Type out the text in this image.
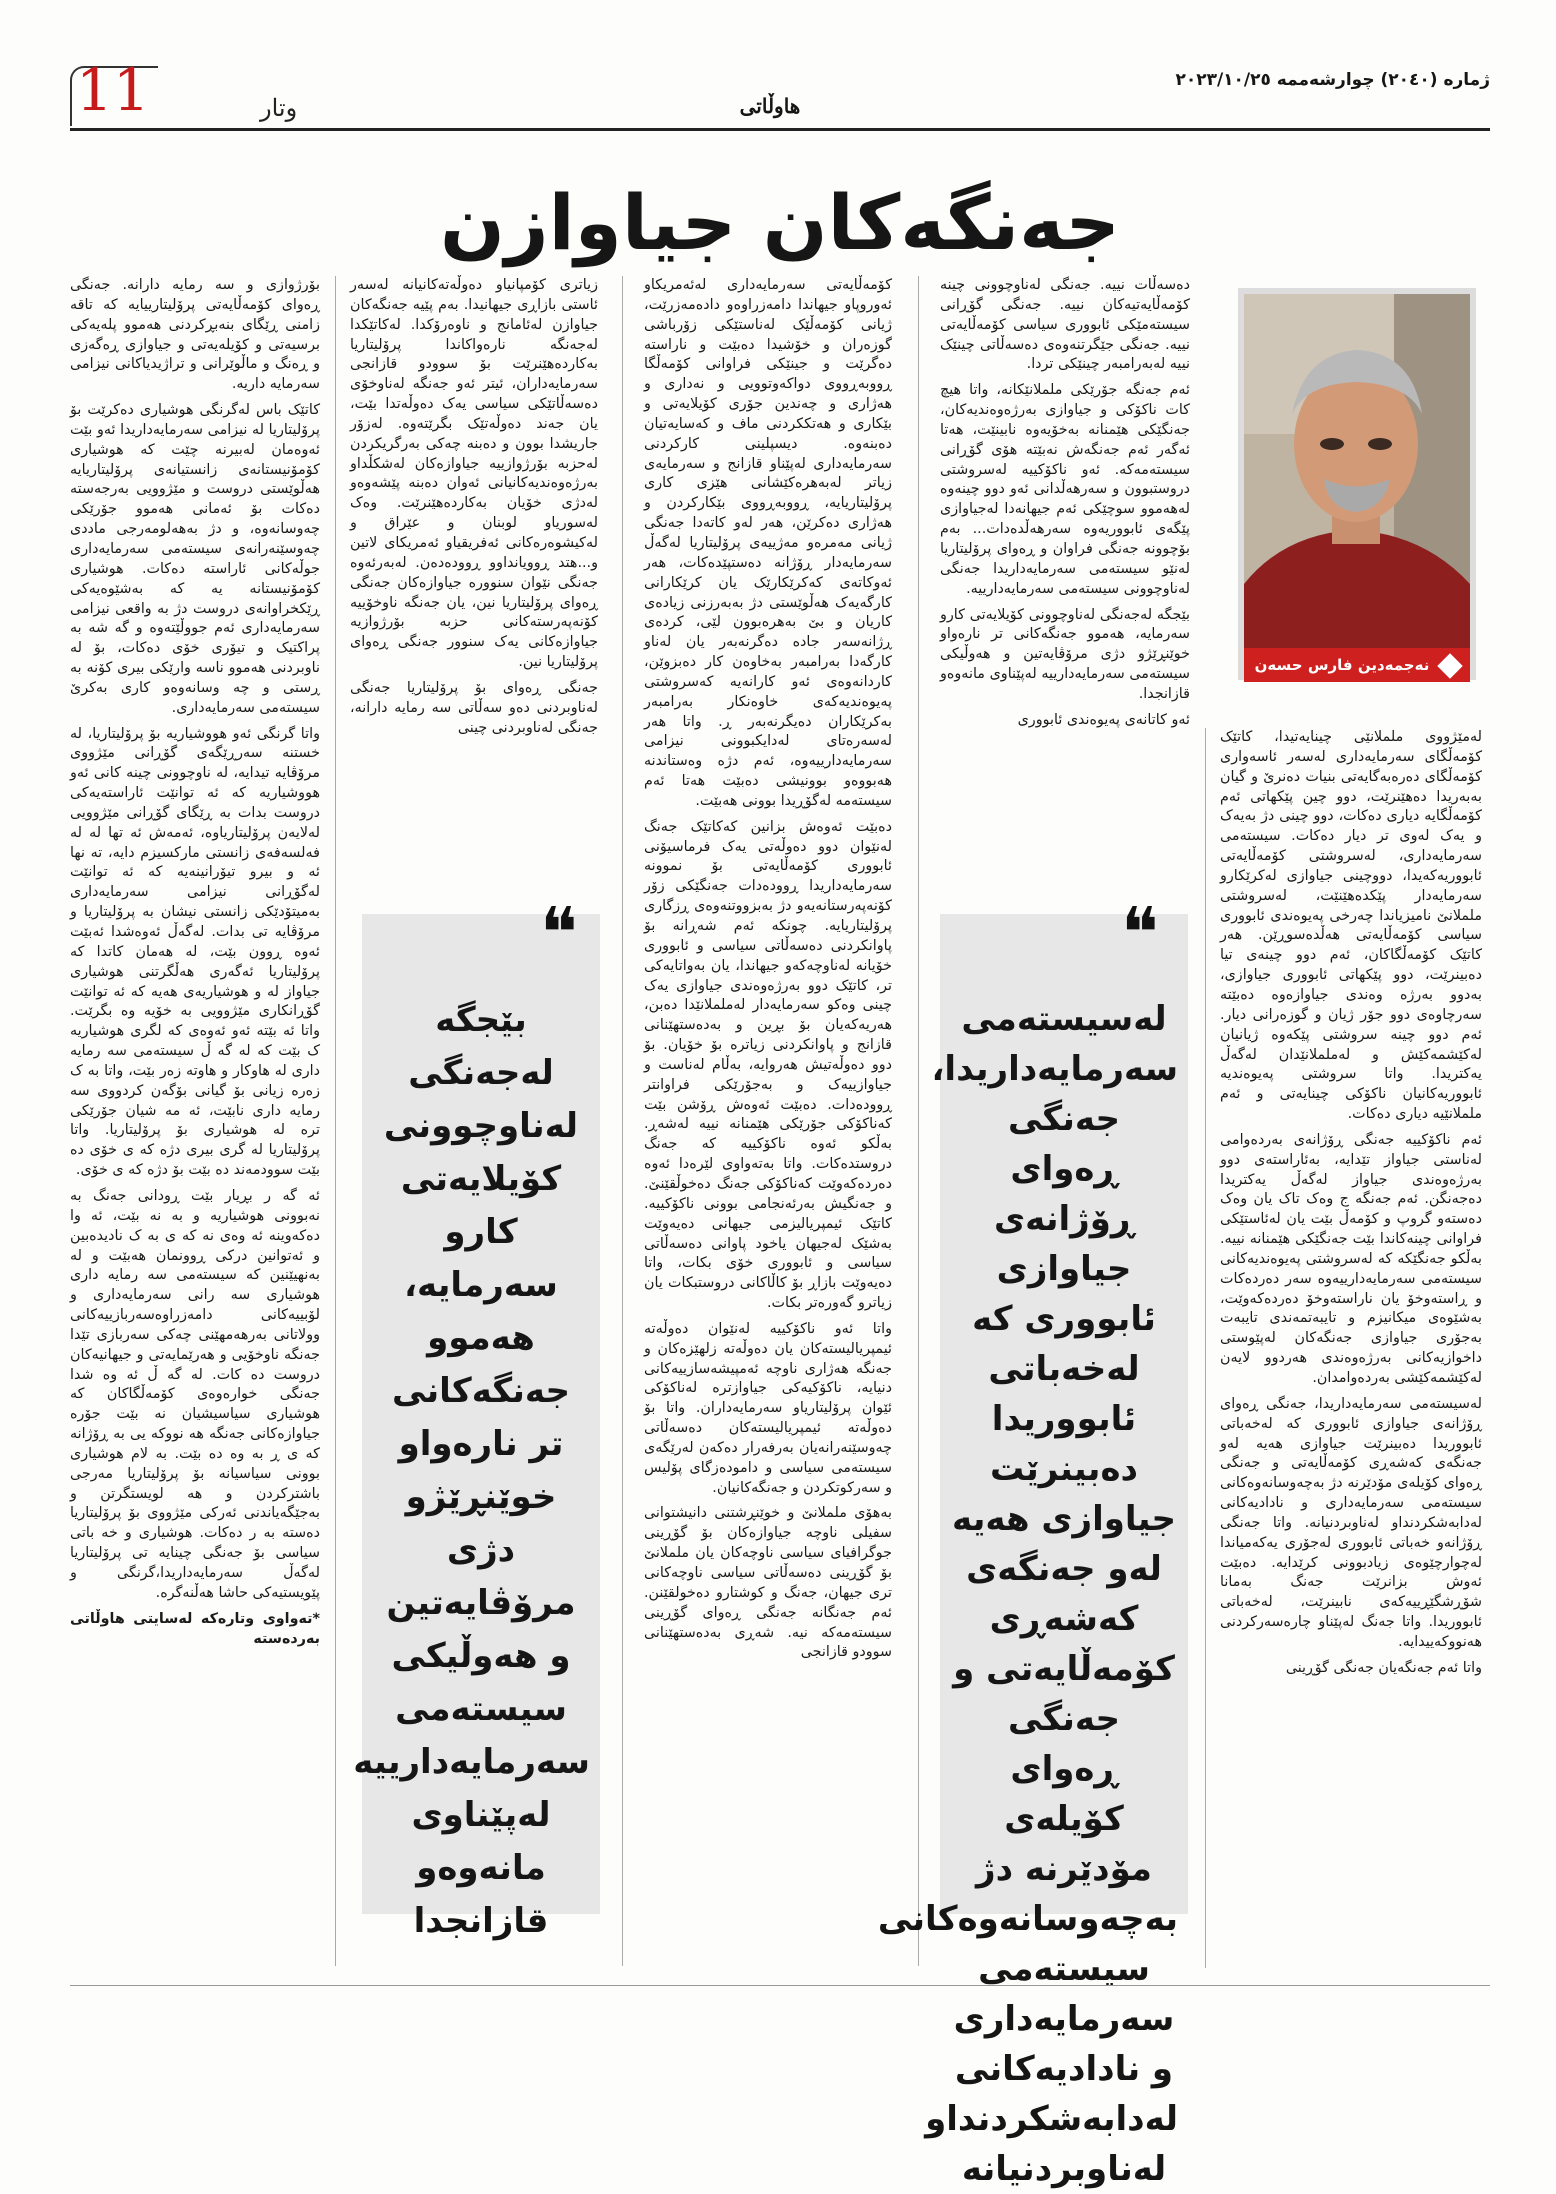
11	وتار	هاوڵاتی
ژماره (٢٠٤٠) چوارشەممە ٢٠٢٣/١٠/٢٥
جەنگەکان جیاوازن
نەجمەدین فارس حسەن

لەمێژووی ململانێی چینایەتیدا، کاتێک کۆمەڵگای سەرمایەداری لەسەر ئاسەواری کۆمەڵگای دەرەبەگایەتی بنیات دەنرێ و گیان بەبەریدا دەهێنرێت، دوو چین پێکهاتی ئەم کۆمەڵگایە دیاری دەکات، دوو چینی دژ بەیەک و یەک لەوی تر دیار دەکات. سیستەمی سەرمایەداری، لەسروشتی کۆمەڵایەتی ئابووریەکەیدا، دووچینی جیاوازی لەکرێکارو سەرمایەدار پێکدەهێنێت، لەسروشتی ململانێ نامیزیاندا چەرخی پەیوەندی ئابووری سیاسی کۆمەڵایەتی هەڵدەسوڕێن. هەر کاتێک کۆمەڵگاکان، ئەم دوو چینەی تیا دەبینرێت، دوو پێکهاتی ئابووری جیاوازی، بەدوو بەرژە وەندی جیاوازەوە دەبێتە سەرچاوەی دوو جۆر ژیان و گوزەرانی دیار. ئەم دوو چینە سروشتی پێکەوە ژیانیان لەکێشمەکێش و لەململانێدان لەگەڵ یەکتریدا. واتا سروشتی پەیوەندیە ئابووریەکانیان ناکۆکی چینایەتی و ئەم ململانێیە دیاری دەکات.

ئەم ناکۆکییە جەنگی ڕۆژانەی بەردەوامی لەناستی جیاواز تێدایە، بەئاراستەی دوو بەرژەوەندی جیاواز لەگەڵ یەکتریدا دەجەنگن. ئەم جەنگە ج وەک تاک یان وەک دەستەو گروپ و کۆمەڵ بێت یان لەئاستێکی فراوانی چینەکاندا بێت جەنگێکی هێمنانە نییە. بەڵکو جەنگێکە کە لەسروشتی پەیوەندیەکانی سیستەمی سەرمایەدارییەوە سەر دەردەکات و ڕاستەوخۆ یان ناراستەوخۆ دەردەکەوێت، بەشێوەی میکانیزم و تایبەتمەندی تایبەت بەجۆری جیاوازی جەنگەکان لەپێوستی داخوازیەکانی بەرژەوەندی هەردوو لایەن لەکێشمەکێشی بەردەوامدان.

لەسیستەمی سەرمایەداریدا، جەنگی ڕەوای ڕۆژانەی جیاوازی ئابووری کە لەخەباتی ئابووریدا دەبینرێت جیاوازی هەیە لەو جەنگەی کەشەڕی کۆمەڵایەتی و جەنگی ڕەوای کۆیلەی مۆدێرنە دژ بەچەوسانەوەکانی سیستەمی سەرمایەداری و نادادیەکانی لەدابەشکردنداو لەناوبردنیانە. واتا جەنگی ڕۆژانەو خەباتی ئابووری لەجۆری یەکەمیاندا لەچوارچێوەی زیادبوونی کرێدایە. دەبێت ئەوش بزانرێت جەنگ بەمانا شۆڕشگێڕییەکەی نابینرێت، لەخەباتی ئابووریدا. واتا جەنگ لەپێناو چارەسەرکردنی هەنووکەییدایە.

واتا ئەم جەنگەیان جەنگی گۆڕینی

دەسەڵات نییە. جەنگی لەناوچوونی چینە کۆمەڵایەتیەکان نییە. جەنگی گۆڕانی سیستەمێکی ئابووری سیاسی کۆمەڵایەتی نییە. جەنگی جێگرتنەوەی دەسەڵاتی چینێک نییە لەبەرامبەر چینێکی تردا.

ئەم جەنگە جۆرێکی ململانێکانە، واتا هیچ کات ناکۆکی و جیاوازی بەرژەوەندیەکان، جەنگێکی هێمنانە بەخۆیەوە نابینێت، هەتا ئەگەر ئەم جەنگەش نەبێتە هۆی گۆڕانی سیستەمەکە. ئەو ناکۆکییە لەسروشتی دروستبوون و سەرهەڵدانی ئەو دوو چینەوە لەهەموو سوچێکی ئەم جیهانەدا لەجیاوازی پێگەی ئابووریەوە سەرهەڵدەدات... بەم بۆچوونە جەنگی فراوان و ڕەوای پرۆلیتاریا لەنێو سیستەمی سەرمایەداریدا جەنگی لەناوچوونی سیستەمی سەرمایەدارییە.

بێجگە لەجەنگی لەناوچوونی کۆیلایەتی کارو سەرمایە، هەموو جەنگەکانی تر نارەواو خوێنڕێژو دژی مرۆڤایەتین و هەوڵیکی سیستەمی سەرمایەدارییە لەپێناوی مانەوەو قازانجدا.

ئەو کاتانەی پەیوەندی ئابووری

کۆمەڵایەتی سەرمایەداری لەئەمریکاو ئەوروپاو جیهاندا دامەزراوەو دادەمەزرێت، ژیانی کۆمەڵێک لەناستێکی زۆرباشی گوزەران و خۆشیدا دەبێت و ناراستە دەگرێت و جینێکی فراوانی کۆمەڵگا ڕووبەڕووی دواکەوتوویی و نەداری و هەژاری و چەندین جۆری کۆیلایەتی و بێکاری و هەتککردنی ماف و کەسایەتیان دەبنەوە. دیسپلینی کارکردنی سەرمایەداری لەپێناو قازانج و سەرمایەی زیاتر لەبەهرەکێشانی هێزی کاری پرۆلیتاریایە، ڕووبەڕووی بێکارکردن و هەژاری دەکرێن، هەر لەو کاتەدا جەنگی ژیانی مەمرەو مەژییەی پرۆلیتاریا لەگەڵ سەرمایەدار ڕۆژانە دەستپێدەکات، هەر ئەوکاتەی کەکرێکارێک یان کرێکارانی کارگەیەک هەڵوێستی دژ بەبەرزنی زیادەی کاریان و بێ بەهرەبوون لێی، کردەی ڕژانەسەر جادە دەگرنەبەر یان لەناو کارگەدا بەرامبەر بەخاوەن کار دەبزوێن، کاردانەوەی ئەو کارانەیە کەسروشتی پەیوەندیەکەی خاوەنکار بەرامبەر بەکرێکاران دەیگرنەبەر ڕ. واتا هەر لەسەرەتای لەدایکبوونی نیزامی سەرمایەدارییەوە، ئەم دژە وەستاندنە هەبووەو بوونیشی دەبێت هەتا ئەم سیستەمە لەگۆڕیدا بوونی هەبێت.

دەبێت ئەوەش بزانین کەکاتێک جەنگ لەنێوان دوو دەوڵەتی یەک فرماسیۆنی ئابووری کۆمەڵایەتی بۆ نموونە سەرمایەداریدا ڕوودەدات جەنگێکی زۆر کۆنەپەرستانەیەو دژ بەبزووتنەوەی ڕزگاری پرۆلیتاریایە. چونکە ئەم شەڕانە بۆ پاوانکردنی دەسەڵاتی سیاسی و ئابووری خۆیانە لەناوچەکەو جیهاندا، یان بەواتایەکی تر، کاتێک دوو بەرژەوەندی جیاوازی یەک چینی وەکو سەرمایەدار لەململانێدا دەبن، هەریەکەیان بۆ بڕین و بەدەستهێنانی قازانج و پاوانکردنی زیاترە بۆ خۆیان. بۆ دوو دەوڵەتیش هەروایە، بەڵام لەناست و جیاوازییەک و بەجۆرێکی فراوانتر ڕوودەدات. دەبێت ئەوەش ڕۆشن بێت کەناکۆکی جۆرێکی هێمنانە نییە لەشەڕ. بەڵکو ئەوە ناکۆکییە کە جەنگ دروستدەکات. واتا بەتەواوی لێرەدا ئەوە دەردەکەوێت کەناکۆکی جەنگ دەخوڵقێنێ. و جەنگیش بەرئەنجامی بوونی ناکۆکییە. کاتێک ئیمپریالیزمی جیهانی دەیەوێت بەشێک لەجیهان یاخود پاوانی دەسەڵاتی سیاسی و ئابووری خۆی بکات، واتا دەیەوێت بازاڕ بۆ کاڵاکانی دروستبکات یان زیاترو گەورەتر بکات.

واتا ئەو ناکۆکییە لەنێوان دەوڵەتە ئیمپریالیستەکان یان دەوڵەتە زلهێزەکان و جەنگە هەژاری ناوچە ئەمپیشەسازییەکانی دنیایە، ناکۆکیەکی جیاوازترە لەناکۆکی ئێوان پرۆلیتاریاو سەرمایەداران. واتا بۆ دەوڵەتە ئیمپریالیستەکان دەسەڵاتی چەوسێنەرانەیان بەرفەرار دەکەن لەرێگەی سیستەمی سیاسی و دامودەزگای پۆلیس و سەرکوتکردن و جەنگەکانیان.

بەهۆی ململانێ و خوێنڕشتنی دانیشتوانی سفیلی ناوچە جیاوازەکان بۆ گۆڕینی جوگرافیای سیاسی ناوچەکان یان ململانێ بۆ گۆڕینی دەسەڵاتی سیاسی ناوچەکانی تری جیهان، جەنگ و کوشتارو دەخولقێنن. ئەم جەنگانە جەنگی ڕەوای گۆڕینی سیستەمەکە نیە. شەڕی بەدەستهێنانی سوودو قازانجی

زیاتری کۆمپانیاو دەوڵەتەکانیانە لەسەر ئاستی بازاڕی جیهانیدا. بەم پێیە جەنگەکان جیاوازن لەئامانج و ناوەرۆکدا. لەکاتێکدا لەجەنگە نارەواکاندا پرۆلیتاریا بەکاردەهێنرێت بۆ سوودو قازانجی سەرمایەداران، ئیتر ئەو جەنگە لەناوخۆی دەسەڵاتێکی سیاسی یەک دەوڵەتدا بێت، یان جەند دەوڵەتێک بگرێتەوە. لەزۆر جاریشدا بوون و دەبنە چەکی بەرگریکردن لەحزبە بۆرژوازییە جیاوازەکان لەشکڵداو بەرژەوەندیەکانیانی ئەوان دەبنە پێشەوەو لەدژی خۆیان بەکاردەهێنرێت. وەک لەسوریاو لوبنان و عێراق و لەکیشوەرەکانی ئەفریقیاو ئەمریکای لاتین و...هتد ڕوویانداوو ڕوودەدەن. لەبەرئەوە جەنگی نێوان سنوورە جیاوازەکان جەنگی ڕەوای پرۆلیتاریا نین، یان جەنگە ناوخۆییە کۆنەپەرستەکانی حزبە بۆرژوازیە جیاوازەکانی یەک سنوور جەنگی ڕەوای پرۆلیتاریا نین.

جەنگی ڕەوای بۆ پرۆلیتاریا جەنگی لەناوبردنی دەو سەڵاتی سە رمایە دارانە، جەنگی لەناوبردنی چینی

بۆرژوازی و سە رمایە دارانە. جەنگی ڕەوای کۆمەڵایەتی پرۆلیتارییایە کە تاقە زامنی ڕێگای بنەبڕکردنی هەموو پلەیەکی برسیەتی و کۆیلەیەتی و جیاوازی ڕەگەزی و ڕەنگ و ماڵوێرانی و تراژیدیاکانی نیزامی سەرمایە داریە.

کاتێک باس لەگرنگی هوشیاری دەکرێت بۆ پرۆلیتاریا لە نیزامی سەرمایەداریدا ئەو بێت ئەوەمان لەبیرنە چێت کە هوشیاری کۆمۆنیستانەی زانستیانەی پرۆلیتاریایە هەڵوێستی دروست و مێژوویی بەرجەستە دەکات بۆ ئەمانی هەموو جۆرێکی چەوسانەوە، و دژ بەهەلومەرجی ماددی چەوسێنەرانەی سیستەمی سەرمایەداری جوڵەکانی ئاراستە دەکات. هوشیاری کۆمۆنیستانە یە کە بەشێوەیەکی ڕێکخراوانەی دروست دژ بە واقعی نیزامی سەرمایەداری ئەم جووڵێتەوە و گە شە بە پراکتیک و تیۆری خۆی دەکات، بۆ لە ناوبردنی هەموو ناسە وارێکی بیری کۆنە بە ڕستی و چە وسانەوەو کاری بەکرێ سیستەمی سەرمایەداری.

واتا گرنگی ئەو هووشیاریە بۆ پرۆلیتاریا، لە خستنە سەرڕێگەی گۆڕانی مێژووی مرۆڤایە تیدایە، لە ناوچوونی چینە کانی ئەو هووشیاریە کە ئە توانێت ئاراستەیەکی دروست بدات بە ڕێگای گۆڕانی مێژوویی لەلایەن پرۆلیتاریاوە، ئەمەش ئە تها لە لە فەلسەفەی زانستی مارکسیزم دایە، تە نها ئە و بیرو تیۆرانینەیە کە ئە توانێت لەگۆڕانی نیزامی سەرمایەداری بەمیتۆدێکی زانستی نیشان بە پرۆلیتاریا و مرۆڤایە تی بدات. لەگەڵ ئەوەشدا ئەبێت ئەوە ڕوون بێت، لە هەمان کاتدا کە پرۆلیتاریا ئەگەری هەڵگرتنی هوشیاری جیاواز لە و هوشیاریەی هەیە کە ئە توانێت گۆڕانکاری مێژوویی بە خۆیە وە بگرێت. واتا ئە بێتە ئەو ئەوەی کە لگری هوشیاریە ک بێت کە لە گە ڵ سیستەمی سە رمایە داری لە هاوکار و هاوتە زەر بێت، واتا بە ک زەرە زیانی بۆ گیانی بۆگەن کردووی سە رمایە داری نابێت، ئە مە شیان جۆرێکی ترە لە هوشیاری بۆ پرۆلیتاریا. واتا پرۆلیتاریا لە گری بیری دژە کە ی خۆی دە بێت سوودمەند دە بێت بۆ دژە کە ی خۆی.

ئە گە ر بڕیار بێت ڕودانی جەنگ بە نەبوونی هوشیاریە و بە نە بێت، ئە وا دەکەوینە ئە وەی نە کە ی بە ک نادیدەبین و ئەتوانین درکی ڕوونمان هەبێت و لە بەنهیێنین کە سیستەمی سە رمایە داری هوشیاری سە رانی سەرمایەداری و لۆبییەکانی دامەزراوەسەربازییەکانی وولاتانی بەرهەمهێنی چەکی سەربازی تێدا جەنگە ناوخۆیی و هەرێمایەتی و جیهانیەکان دروست دە کات. لە گە ڵ ئە وە شدا جەنگی خوارەوەی کۆمەڵگاکان کە هوشیاری سیاسیشیان نە بێت جۆرە جیاوازەکانی جەنگە هە نووکە یی بە ڕۆژانە کە ی ڕ بە وە دە بێت. بە لام هوشیاری بوونی سیاسیانە بۆ پرۆلیتاریا مەرجی باشترکردن و هە لویستگرتن و بەجێگەیاندنی ئەرکی مێژووی بۆ پرۆلیتاریا دەستە بە ر دەکات. هوشیاری و خە باتی سیاسی بۆ جەنگی چینایە تی پرۆلیتاریا لەگەڵ سەرمایەداریدا،گرنگی و پێویستیەکی حاشا هەڵنەگرە.

*تەواوی وتارەکە لەسایتی هاوڵاتی بەردەستە

لەسیستەمی سەرمایەداریدا، جەنگی ڕەوای ڕۆژانەی جیاوازی ئابووری کە لەخەباتی ئابووریدا دەبینرێت جیاوازی هەیە لەو جەنگەی کەشەڕی کۆمەڵایەتی و جەنگی ڕەوای کۆیلەی مۆدێرنە دژ بەچەوسانەوەکانی سیستەمی سەرمایەداری و نادادیەکانی لەدابەشکردنداو لەناوبردنیانە
❝
بێجگە لەجەنگی لەناوچوونی کۆیلایەتی کارو سەرمایە، هەموو جەنگەکانی تر نارەواو خوێنڕێژو دژی مرۆڤایەتین و هەوڵیکی سیستەمی سەرمایەدارییە لەپێناوی مانەوەو قازانجدا
❝
